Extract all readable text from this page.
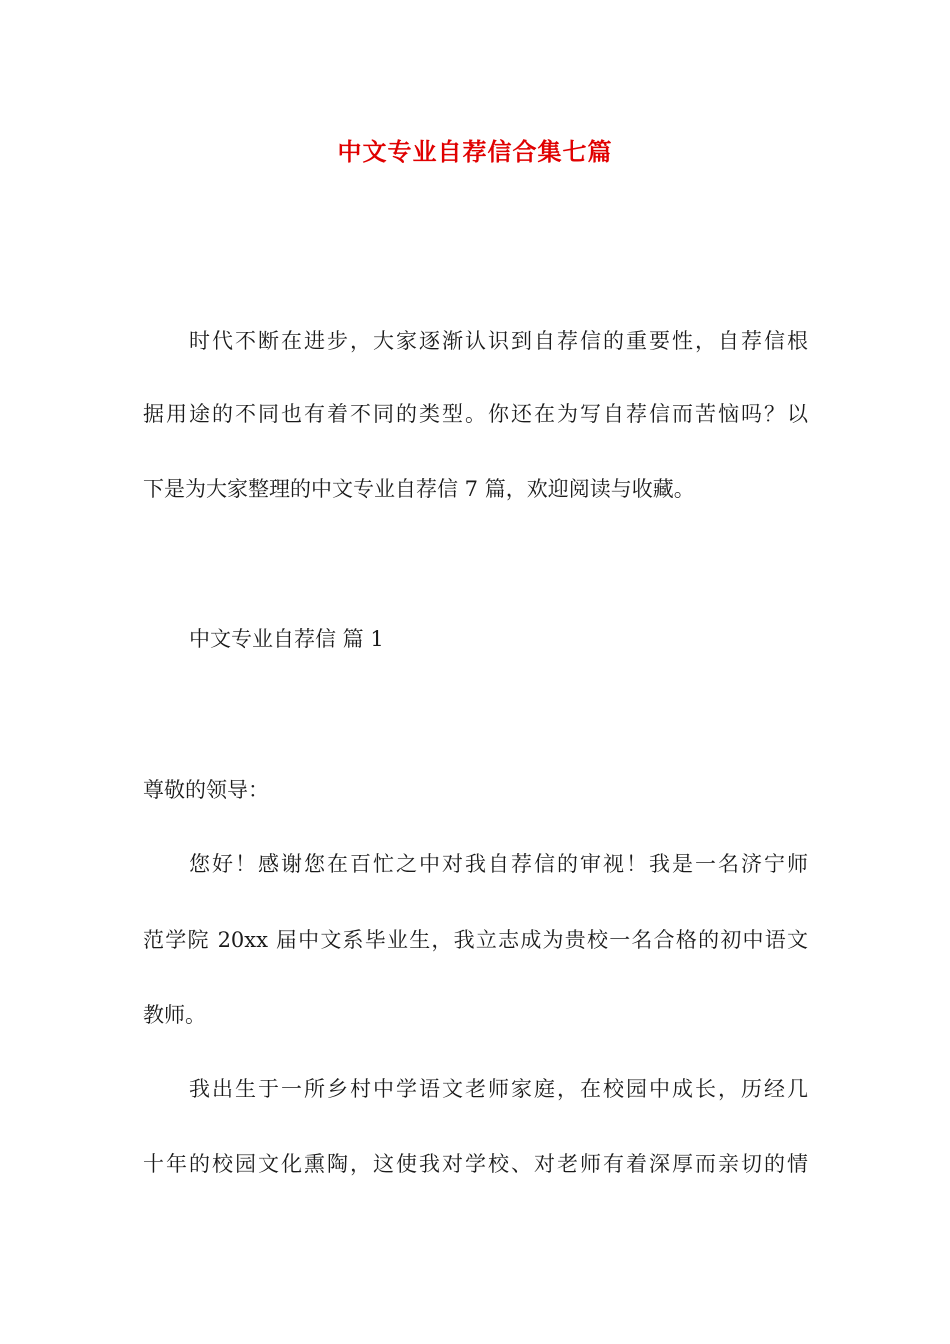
中文专业自荐信合集七篇
时代不断在进步，大家逐渐认识到自荐信的重要性，自荐信根
据用途的不同也有着不同的类型。你还在为写自荐信而苦恼吗？以
下是为大家整理的中文专业自荐信 7 篇，欢迎阅读与收藏。
中文专业自荐信 篇 1
尊敬的领导：
您好！感谢您在百忙之中对我自荐信的审视！我是一名济宁师
范学院 20xx 届中文系毕业生，我立志成为贵校一名合格的初中语文
教师。
我出生于一所乡村中学语文老师家庭，在校园中成长，历经几
十年的校园文化熏陶，这使我对学校、对老师有着深厚而亲切的情
